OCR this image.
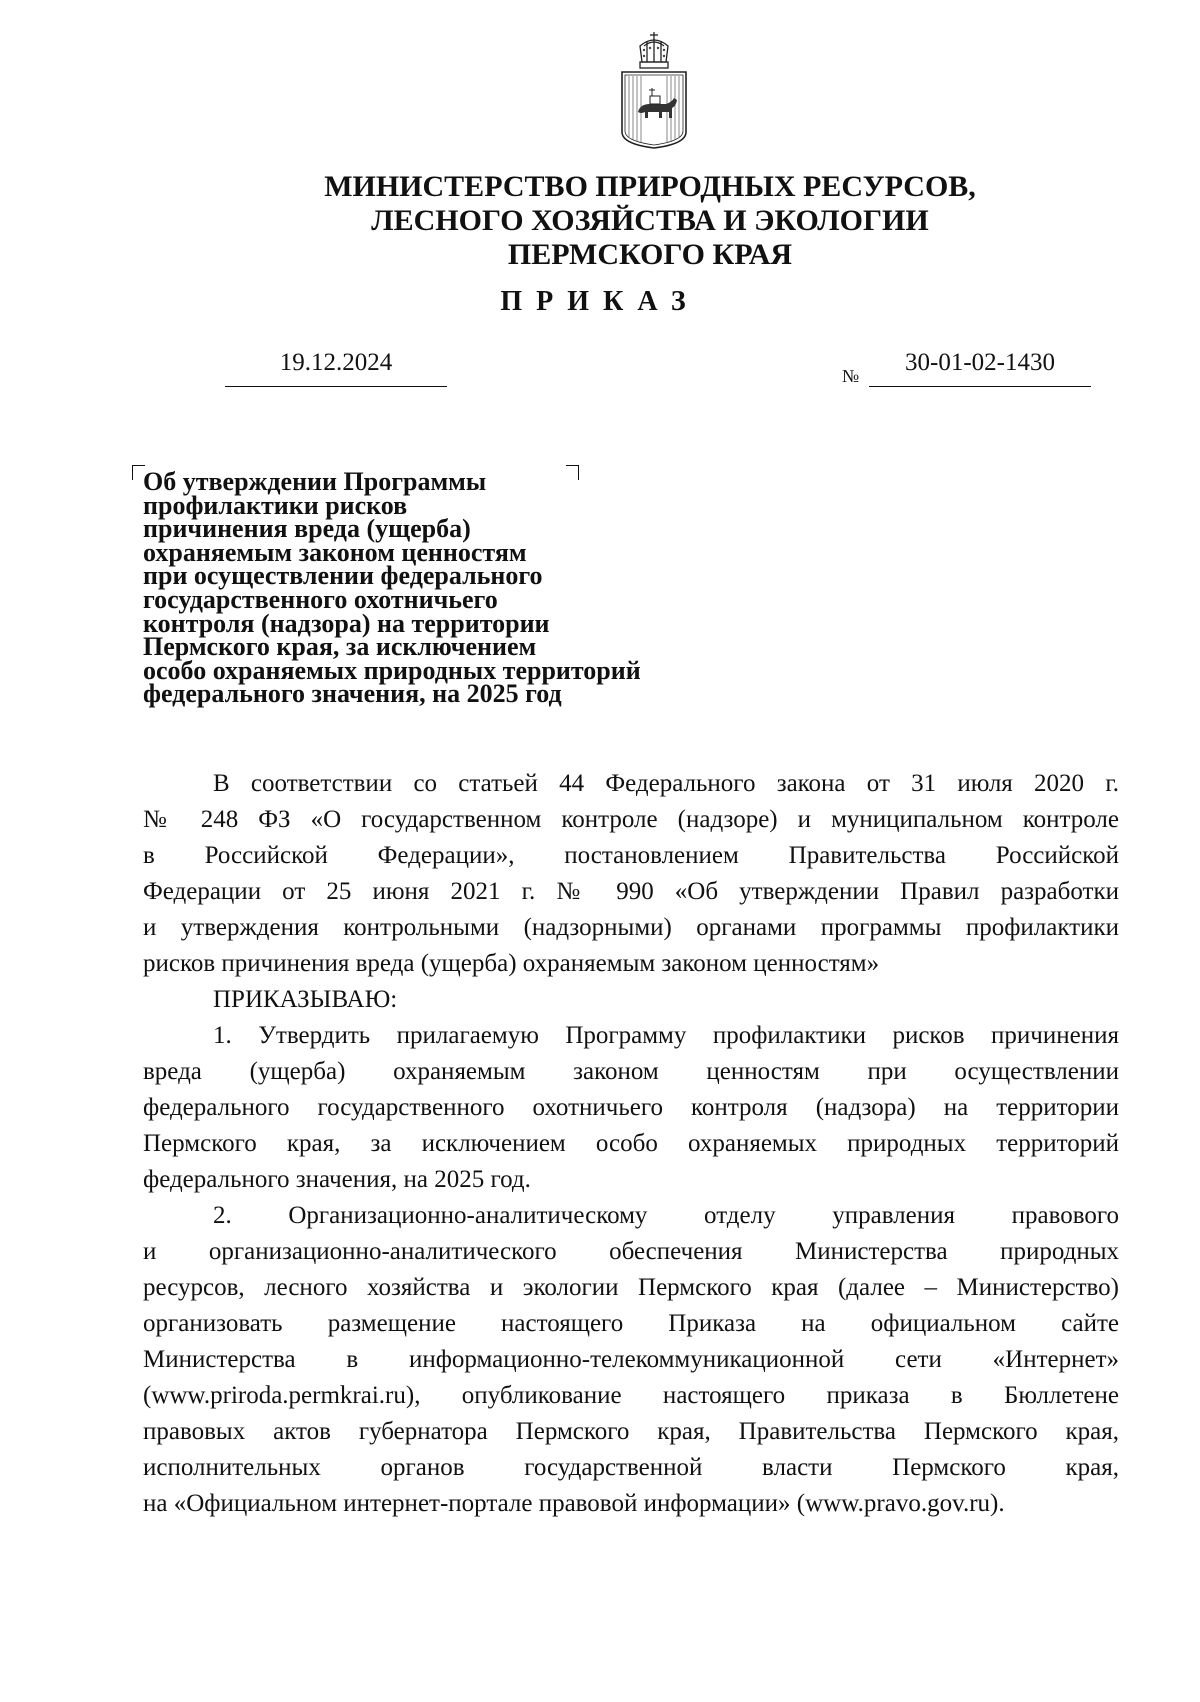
МИНИСТЕРСТВО ПРИРОДНЫХ РЕСУРСОВ,
ЛЕСНОГО ХОЗЯЙСТВА И ЭКОЛОГИИ
ПЕРМСКОГО КРАЯ
ПРИКАЗ
19.12.2024	№	30-01-02-1430
Об утверждении Программы
профилактики рисков
причинения вреда (ущерба)
охраняемым законом ценностям
при осуществлении федерального
государственного охотничьего
контроля (надзора) на территории
Пермского края, за исключением
особо охраняемых природных территорий
федерального значения, на 2025 год
В соответствии со статьей 44 Федерального закона от 31 июля 2020 г.
№ 248 ФЗ «О государственном контроле (надзоре) и муниципальном контроле
в Российской Федерации», постановлением Правительства Российской
Федерации от 25 июня 2021 г. № 990 «Об утверждении Правил разработки
и утверждения контрольными (надзорными) органами программы профилактики
рисков причинения вреда (ущерба) охраняемым законом ценностям»
ПРИКАЗЫВАЮ:
1. Утвердить прилагаемую Программу профилактики рисков причинения
вреда (ущерба) охраняемым законом ценностям при осуществлении
федерального государственного охотничьего контроля (надзора) на территории
Пермского края, за исключением особо охраняемых природных территорий
федерального значения, на 2025 год.
2. Организационно-аналитическому отделу управления правового
и организационно-аналитического обеспечения Министерства природных
ресурсов, лесного хозяйства и экологии Пермского края (далее – Министерство)
организовать размещение настоящего Приказа на официальном сайте
Министерства в информационно-телекоммуникационной сети «Интернет»
(www.priroda.permkrai.ru), опубликование настоящего приказа в Бюллетене
правовых актов губернатора Пермского края, Правительства Пермского края,
исполнительных органов государственной власти Пермского края,
на «Официальном интернет-портале правовой информации» (www.pravo.gov.ru).
